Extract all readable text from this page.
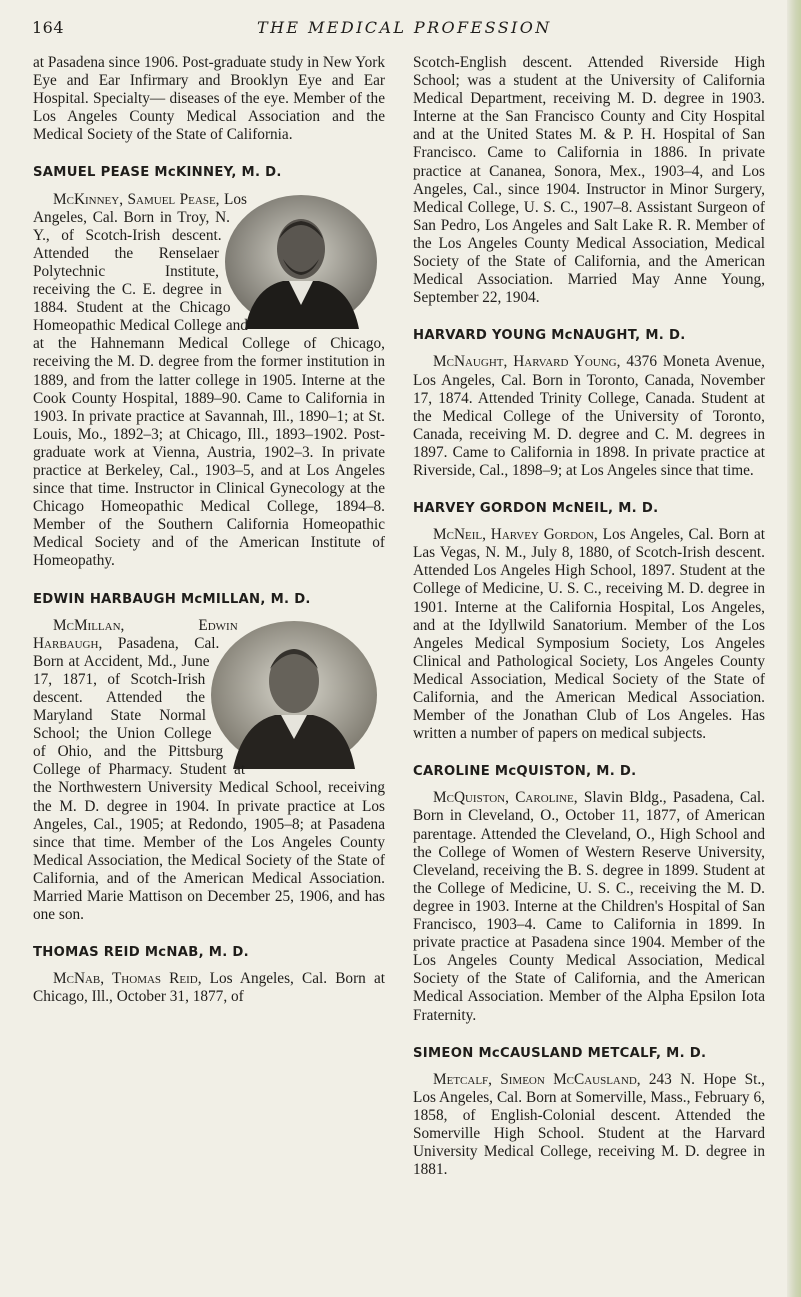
164	THE MEDICAL PROFESSION

at Pasadena since 1906. Post-graduate study in New York Eye and Ear Infirmary and Brooklyn Eye and Ear Hospital. Specialty— diseases of the eye. Member of the Los Angeles County Medical Association and the Medical Society of the State of California.

SAMUEL PEASE McKINNEY, M. D.

McKinney, Samuel Pease, Los Angeles, Cal. Born in Troy, N. Y., of Scotch-Irish descent. Attended the Renselaer Polytechnic Institute, receiving the C. E. degree in 1884. Student at the Chicago Homeopathic Medical College and at the Hahnemann Medical College of Chicago, receiving the M. D. degree from the former institution in 1889, and from the latter college in 1905. Interne at the Cook County Hospital, 1889–90. Came to California in 1903. In private practice at Savannah, Ill., 1890–1; at St. Louis, Mo., 1892–3; at Chicago, Ill., 1893–1902. Post-graduate work at Vienna, Austria, 1902–3. In private practice at Berkeley, Cal., 1903–5, and at Los Angeles since that time. Instructor in Clinical Gynecology at the Chicago Homeopathic Medical College, 1894–8. Member of the Southern California Homeopathic Medical Society and of the American Institute of Homeopathy.

EDWIN HARBAUGH McMILLAN, M. D.

McMillan, Edwin Harbaugh, Pasadena, Cal. Born at Accident, Md., June 17, 1871, of Scotch-Irish descent. Attended the Maryland State Normal School; the Union College of Ohio, and the Pittsburg College of Pharmacy. Student at the Northwestern University Medical School, receiving the M. D. degree in 1904. In private practice at Los Angeles, Cal., 1905; at Redondo, 1905–8; at Pasadena since that time. Member of the Los Angeles County Medical Association, the Medical Society of the State of California, and of the American Medical Association. Married Marie Mattison on December 25, 1906, and has one son.

THOMAS REID McNAB, M. D.

McNab, Thomas Reid, Los Angeles, Cal. Born at Chicago, Ill., October 31, 1877, of

Scotch-English descent. Attended Riverside High School; was a student at the University of California Medical Department, receiving M. D. degree in 1903. Interne at the San Francisco County and City Hospital and at the United States M. & P. H. Hospital of San Francisco. Came to California in 1886. In private practice at Cananea, Sonora, Mex., 1903–4, and Los Angeles, Cal., since 1904. Instructor in Minor Surgery, Medical College, U. S. C., 1907–8. Assistant Surgeon of San Pedro, Los Angeles and Salt Lake R. R. Member of the Los Angeles County Medical Association, Medical Society of the State of California, and the American Medical Association. Married May Anne Young, September 22, 1904.

HARVARD YOUNG McNAUGHT, M. D.

McNaught, Harvard Young, 4376 Moneta Avenue, Los Angeles, Cal. Born in Toronto, Canada, November 17, 1874. Attended Trinity College, Canada. Student at the Medical College of the University of Toronto, Canada, receiving M. D. degree and C. M. degrees in 1897. Came to California in 1898. In private practice at Riverside, Cal., 1898–9; at Los Angeles since that time.

HARVEY GORDON McNEIL, M. D.

McNeil, Harvey Gordon, Los Angeles, Cal. Born at Las Vegas, N. M., July 8, 1880, of Scotch-Irish descent. Attended Los Angeles High School, 1897. Student at the College of Medicine, U. S. C., receiving M. D. degree in 1901. Interne at the California Hospital, Los Angeles, and at the Idyllwild Sanatorium. Member of the Los Angeles Medical Symposium Society, Los Angeles Clinical and Pathological Society, Los Angeles County Medical Association, Medical Society of the State of California, and the American Medical Association. Member of the Jonathan Club of Los Angeles. Has written a number of papers on medical subjects.

CAROLINE McQUISTON, M. D.

McQuiston, Caroline, Slavin Bldg., Pasadena, Cal. Born in Cleveland, O., October 11, 1877, of American parentage. Attended the Cleveland, O., High School and the College of Women of Western Reserve University, Cleveland, receiving the B. S. degree in 1899. Student at the College of Medicine, U. S. C., receiving the M. D. degree in 1903. Interne at the Children's Hospital of San Francisco, 1903–4. Came to California in 1899. In private practice at Pasadena since 1904. Member of the Los Angeles County Medical Association, Medical Society of the State of California, and the American Medical Association. Member of the Alpha Epsilon Iota Fraternity.

SIMEON McCAUSLAND METCALF, M. D.

Metcalf, Simeon McCausland, 243 N. Hope St., Los Angeles, Cal. Born at Somerville, Mass., February 6, 1858, of English-Colonial descent. Attended the Somerville High School. Student at the Harvard University Medical College, receiving M. D. degree in 1881.
